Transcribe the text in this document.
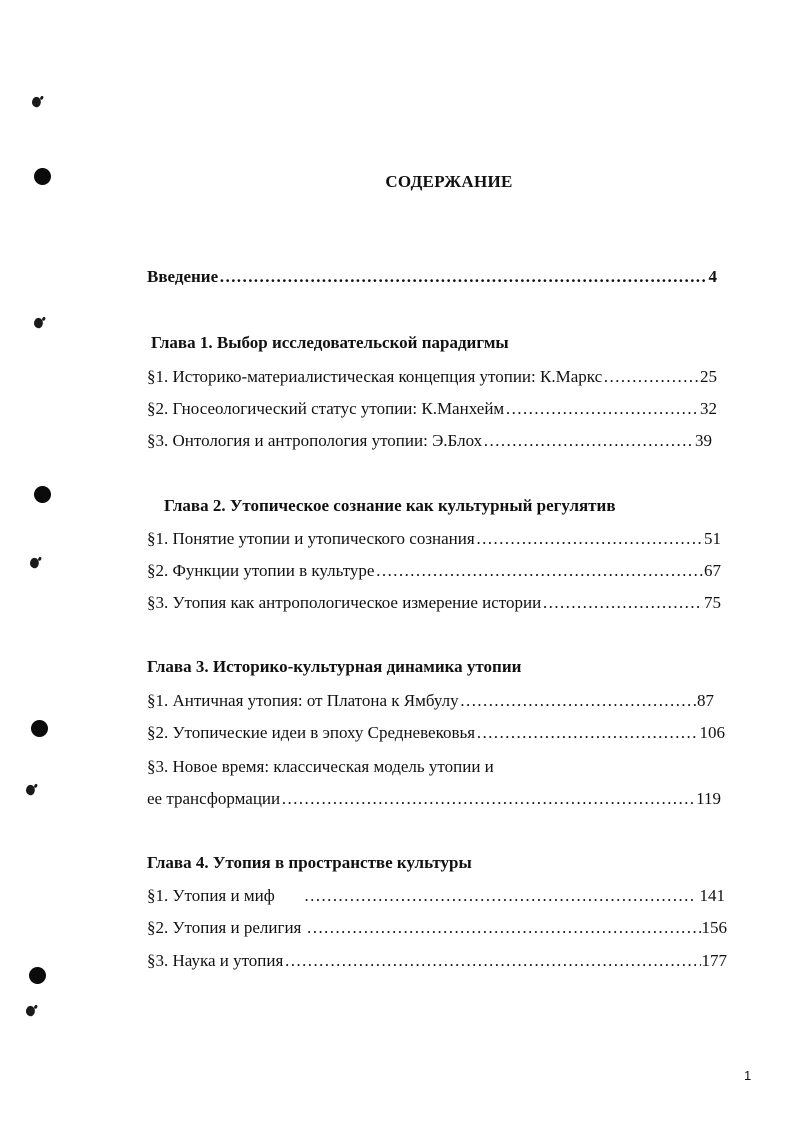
СОДЕРЖАНИЕ
Введение ………………………………………………………………………………………………………………………………………………………………	4
Глава 1. Выбор исследовательской парадигмы
§1. Историко-материалистическая концепция утопии: К.Маркс ………………………………………………………………………………………………………………………………………………………………	25
§2. Гносеологический статус утопии: К.Манхейм ………………………………………………………………………………………………………………………………………………………………	32
§3. Онтология и антропология утопии: Э.Блох ………………………………………………………………………………………………………………………………………………………………	39
Глава 2. Утопическое сознание как культурный регулятив
§1. Понятие утопии и утопического сознания ………………………………………………………………………………………………………………………………………………………………	51
§2. Функции утопии в культуре ………………………………………………………………………………………………………………………………………………………………	67
§3. Утопия как антропологическое измерение истории ………………………………………………………………………………………………………………………………………………………………	75
Глава 3. Историко-культурная динамика утопии
§1. Античная утопия: от Платона к Ямбулу ………………………………………………………………………………………………………………………………………………………………	87
§2. Утопические идеи в эпоху Средневековья ………………………………………………………………………………………………………………………………………………………………	106
§3. Новое время: классическая модель утопии и
ее трансформации ………………………………………………………………………………………………………………………………………………………………	119
Глава 4. Утопия в пространстве культуры
§1. Утопия и миф ………………………………………………………………………………………………………………………………………………………………	141
§2. Утопия и религия ………………………………………………………………………………………………………………………………………………………………	156
§3. Наука и утопия ………………………………………………………………………………………………………………………………………………………………	177
1
